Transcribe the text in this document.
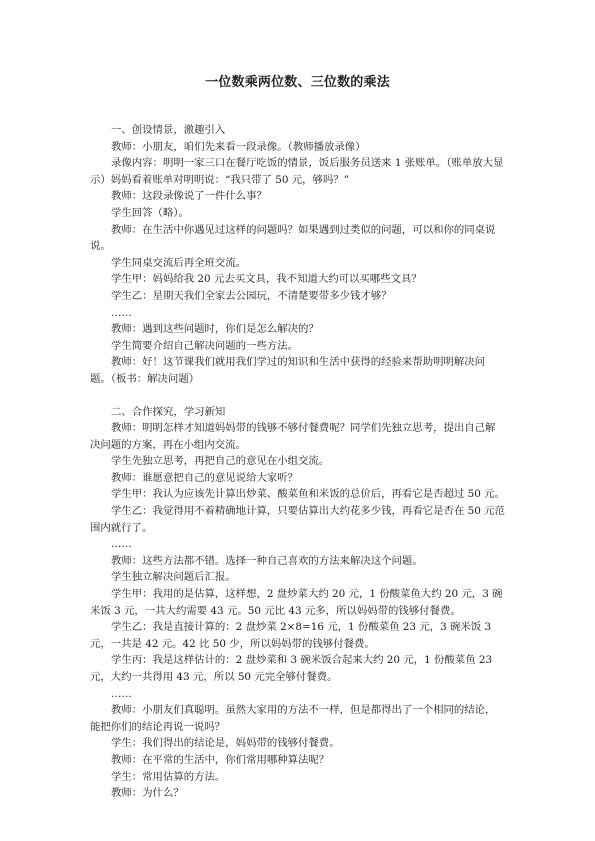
一位数乘两位数、三位数的乘法

一、创设情景，激趣引入

教师：小朋友，咱们先来看一段录像。（教师播放录像）

录像内容：明明一家三口在餐厅吃饭的情景，饭后服务员送来 1 张账单。（账单放大显示）妈妈看着账单对明明说：“我只带了 50 元，够吗？”

教师：这段录像说了一件什么事？

学生回答（略）。

教师：在生活中你遇见过这样的问题吗？如果遇到过类似的问题，可以和你的同桌说说。

学生同桌交流后再全班交流。

学生甲：妈妈给我 20 元去买文具，我不知道大约可以买哪些文具？

学生乙：星期天我们全家去公园玩，不清楚要带多少钱才够？

……

教师：遇到这些问题时，你们是怎么解决的？

学生简要介绍自己解决问题的一些方法。

教师：好！这节课我们就用我们学过的知识和生活中获得的经验来帮助明明解决问题。（板书：解决问题）

二、合作探究，学习新知

教师：明明怎样才知道妈妈带的钱够不够付餐费呢？同学们先独立思考，提出自己解决问题的方案，再在小组内交流。

学生先独立思考，再把自己的意见在小组交流。

教师：谁愿意把自己的意见说给大家听？

学生甲：我认为应该先计算出炒菜、酸菜鱼和米饭的总价后，再看它是否超过 50 元。

学生乙：我觉得用不着精确地计算，只要估算出大约花多少钱，再看它是否在 50 元范围内就行了。

……

教师：这些方法都不错。选择一种自己喜欢的方法来解决这个问题。

学生独立解决问题后汇报。

学生甲：我用的是估算，这样想，2 盘炒菜大约 20 元，1 份酸菜鱼大约 20 元，3 碗米饭 3 元，一共大约需要 43 元。50 元比 43 元多，所以妈妈带的钱够付餐费。

学生乙：我是直接计算的：2 盘炒菜 2×8=16 元，1 份酸菜鱼 23 元，3 碗米饭 3 元，一共是 42 元。42 比 50 少，所以妈妈带的钱够付餐费。

学生丙：我是这样估计的：2 盘炒菜和 3 碗米饭合起来大约 20 元，1 份酸菜鱼 23 元，大约一共得用 43 元，所以 50 元完全够付餐费。

……

教师：小朋友们真聪明。虽然大家用的方法不一样，但是都得出了一个相同的结论，能把你们的结论再说一说吗？

学生：我们得出的结论是，妈妈带的钱够付餐费。

教师：在平常的生活中，你们常用哪种算法呢？

学生：常用估算的方法。

教师：为什么？
